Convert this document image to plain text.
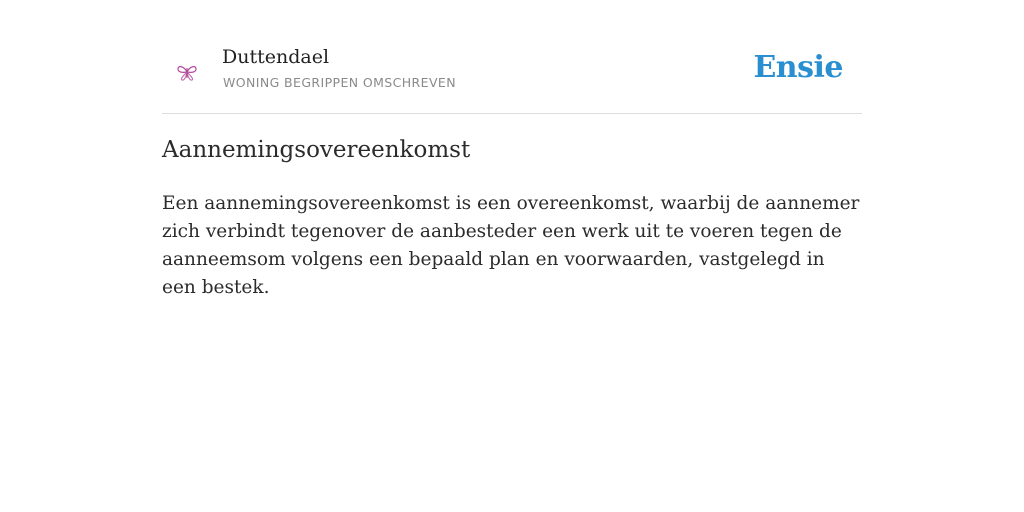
Duttendael
WONING BEGRIPPEN OMSCHREVEN	Ensie
Aannemingsovereenkomst

Een aannemingsovereenkomst is een overeenkomst, waarbij de aannemer zich verbindt tegenover de aanbesteder een werk uit te voeren tegen de aanneemsom volgens een bepaald plan en voorwaarden, vastgelegd in een bestek.
